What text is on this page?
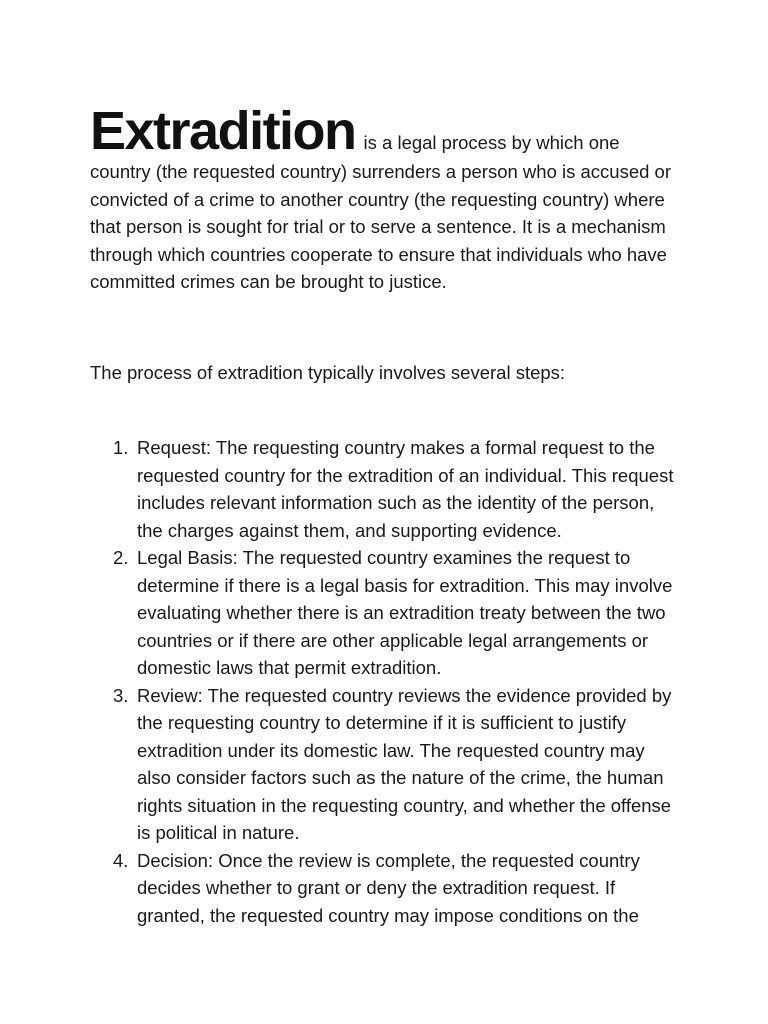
Extradition is a legal process by which one country (the requested country) surrenders a person who is accused or convicted of a crime to another country (the requesting country) where that person is sought for trial or to serve a sentence. It is a mechanism through which countries cooperate to ensure that individuals who have committed crimes can be brought to justice.

The process of extradition typically involves several steps:

1. Request: The requesting country makes a formal request to the requested country for the extradition of an individual. This request includes relevant information such as the identity of the person, the charges against them, and supporting evidence.
2. Legal Basis: The requested country examines the request to determine if there is a legal basis for extradition. This may involve evaluating whether there is an extradition treaty between the two countries or if there are other applicable legal arrangements or domestic laws that permit extradition.
3. Review: The requested country reviews the evidence provided by the requesting country to determine if it is sufficient to justify extradition under its domestic law. The requested country may also consider factors such as the nature of the crime, the human rights situation in the requesting country, and whether the offense is political in nature.
4. Decision: Once the review is complete, the requested country decides whether to grant or deny the extradition request. If granted, the requested country may impose conditions on the
